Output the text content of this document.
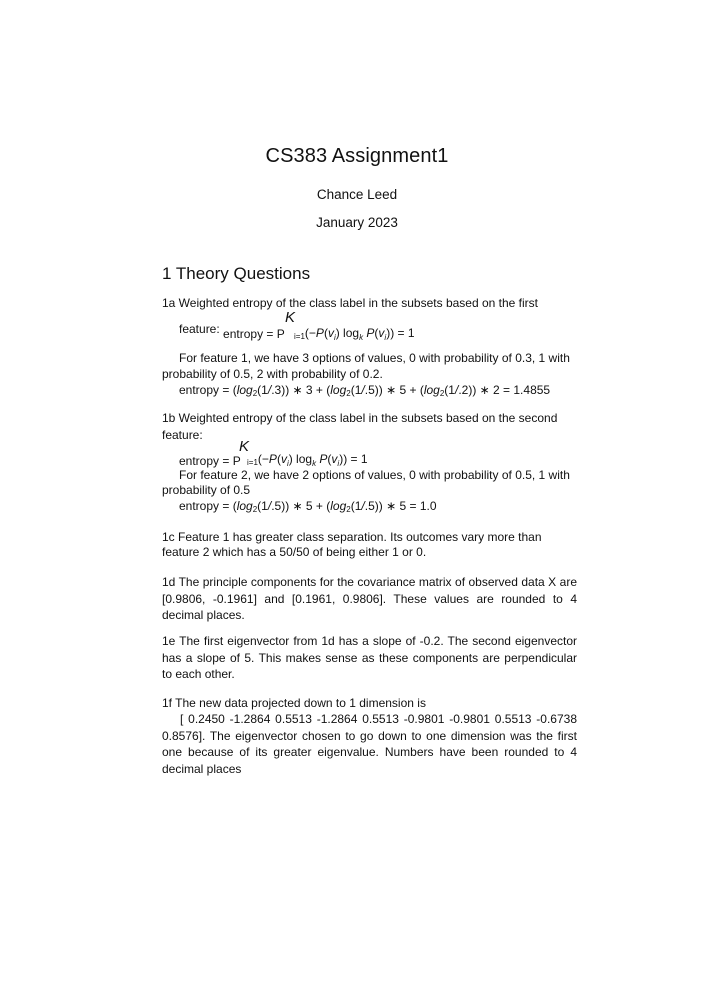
CS383 Assignment1
Chance Leed
January 2023
1 Theory Questions
1a Weighted entropy of the class label in the subsets based on the first
feature: entropy = P
K
$_{i=1}(-P(v_i)$ $\log_k P(v_i)) = 1$
For feature 1, we have 3 options of values, 0 with probability of 0.3, 1 with
probability of 0.5, 2 with probability of 0.2.
entropy = $(\log_2(1/.3))$ ∗ $3 + (\log_2(1/.5))$ ∗ $5 + (\log_2(1/.2))$ ∗ 2 = 1.4855
1b Weighted entropy of the class label in the subsets based on the second
feature:
entropy = P
K
$_{i=1}(-P(v_i)$ $\log_k P(v_i)) = 1$
For feature 2, we have 2 options of values, 0 with probability of 0.5, 1 with
probability of 0.5
entropy = $(\log_2(1/.5))$ ∗ $5 + (\log_2(1/.5))$ ∗ 5 = 1.0
1c Feature 1 has greater class separation. Its outcomes vary more than
feature 2 which has a 50/50 of being either 1 or 0.
1d The principle components for the covariance matrix of observed data X are [0.9806, -0.1961] and [0.1961, 0.9806]. These values are rounded to 4 decimal places.
1e The first eigenvector from 1d has a slope of -0.2. The second eigenvector has a slope of 5. This makes sense as these components are perpendicular to each other.
1f The new data projected down to 1 dimension is
[ 0.2450 -1.2864 0.5513 -1.2864 0.5513 -0.9801 -0.9801 0.5513 -0.6738 0.8576]. The eigenvector chosen to go down to one dimension was the first one because of its greater eigenvalue. Numbers have been rounded to 4 decimal places
